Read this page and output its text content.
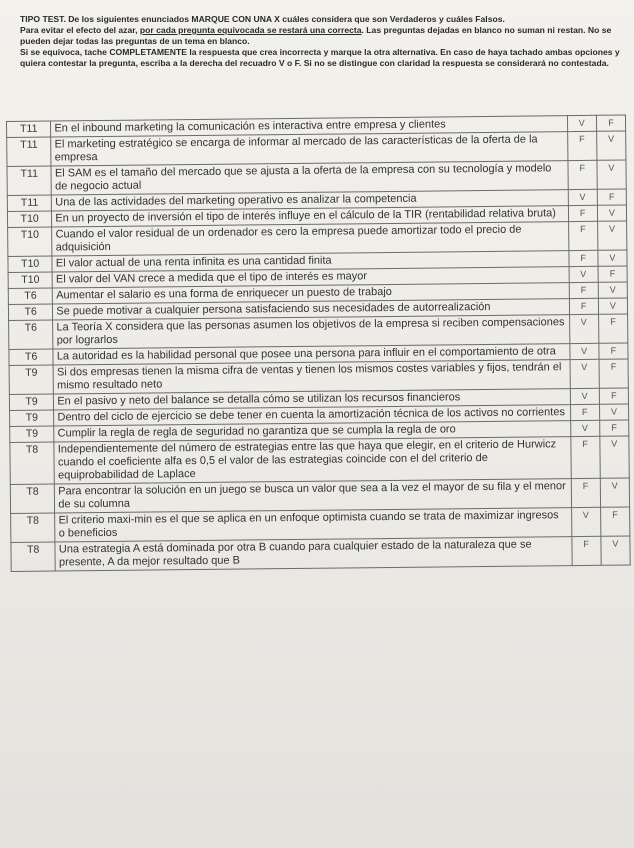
TIPO TEST. De los siguientes enunciados MARQUE CON UNA X cuáles considera que son Verdaderos y cuáles Falsos.

Para evitar el efecto del azar, por cada pregunta equivocada se restará una correcta. Las preguntas dejadas en blanco no suman ni restan. No se pueden dejar todas las preguntas de un tema en blanco.

Si se equivoca, tache COMPLETAMENTE la respuesta que crea incorrecta y marque la otra alternativa. En caso de haya tachado ambas opciones y quiera contestar la pregunta, escriba a la derecha del recuadro V o F. Si no se distingue con claridad la respuesta se considerará no contestada.

T11	En el inbound marketing la comunicación es interactiva entre empresa y clientes	V	F
T11	El marketing estratégico se encarga de informar al mercado de las características de la oferta de la empresa	F	V
T11	El SAM es el tamaño del mercado que se ajusta a la oferta de la empresa con su tecnología y modelo de negocio actual	F	V
T11	Una de las actividades del marketing operativo es analizar la competencia	V	F
T10	En un proyecto de inversión el tipo de interés influye en el cálculo de la TIR (rentabilidad relativa bruta)	F	V
T10	Cuando el valor residual de un ordenador es cero la empresa puede amortizar todo el precio de adquisición	F	V
T10	El valor actual de una renta infinita es una cantidad finita	F	V
T10	El valor del VAN crece a medida que el tipo de interés es mayor	V	F
T6	Aumentar el salario es una forma de enriquecer un puesto de trabajo	F	V
T6	Se puede motivar a cualquier persona satisfaciendo sus necesidades de autorrealización	F	V
T6	La Teoría X considera que las personas asumen los objetivos de la empresa si reciben compensaciones por lograrlos	V	F
T6	La autoridad es la habilidad personal que posee una persona para influir en el comportamiento de otra	V	F
T9	Si dos empresas tienen la misma cifra de ventas y tienen los mismos costes variables y fijos, tendrán el mismo resultado neto	V	F
T9	En el pasivo y neto del balance se detalla cómo se utilizan los recursos financieros	V	F
T9	Dentro del ciclo de ejercicio se debe tener en cuenta la amortización técnica de los activos no corrientes	F	V
T9	Cumplir la regla de regla de seguridad no garantiza que se cumpla la regla de oro	V	F
T8	Independientemente del número de estrategias entre las que haya que elegir, en el criterio de Hurwicz cuando el coeficiente alfa es 0,5 el valor de las estrategias coincide con el del criterio de equiprobabilidad de Laplace	F	V
T8	Para encontrar la solución en un juego se busca un valor que sea a la vez el mayor de su fila y el menor de su columna	F	V
T8	El criterio maxi-min es el que se aplica en un enfoque optimista cuando se trata de maximizar ingresos o beneficios	V	F
T8	Una estrategia A está dominada por otra B cuando para cualquier estado de la naturaleza que se presente, A da mejor resultado que B	F	V
